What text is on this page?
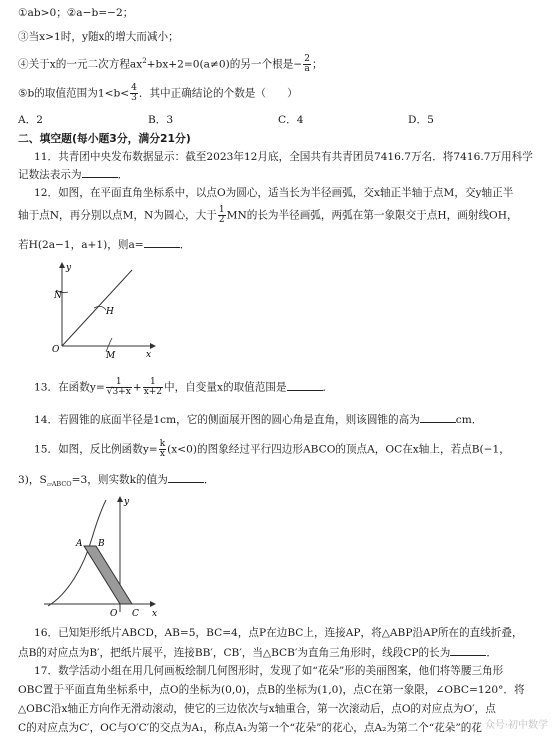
①ab>0；②a−b=−2；
③当x>1时，y随x的增大而减小；
④关于x的一元二次方程$ax^2+bx+2=0(a\ne 0)$的另一个根是− $\frac{2}{a}$ ；
⑤b的取值范围为$1<b< \frac{4}{3}$ ．其中正确结论的个数是（　　）
A．2	B．3	C．4	D．5
二、填空题(每小题3分，满分21分)
11．共青团中央发布数据显示：截至2023年12月底，全国共有共青团员7416.7万名．将7416.7万用科学
记数法表示为	．
12．如图，在平面直角坐标系中，以点O为圆心，适当长为半径画弧，交x轴正半轴于点M，交y轴正半
轴于点N，再分别以点M，N为圆心，大于 $\frac{1}{2}$ MN的长为半径画弧，两弧在第一象限交于点H，画射线OH，
若H(2a−1，a+1)，则a=	．
N
H
O
M	x
y
13．在函数$y= \frac{1}{√3+x} + \frac{1}{x+2}$ 中，自变量x的取值范围是	．
14．若圆锥的底面半径是1cm，它的侧面展开图的圆心角是直角，则该圆锥的高为	cm．
15．如图，反比例函数$y= \frac{k}{x} (x<0)$的图象经过平行四边形ABCO的顶点A，OC在x轴上，若点B(−1，
3)，$S_{▱ABCO}=3$，则实数k的值为	．
A B
O C x
y
16．已知矩形纸片ABCD，AB=5，BC=4，点P在边BC上，连接AP，将△ABP沿AP所在的直线折叠，
点B的对应点为B′，把纸片展平，连接BB′，CB′，当△BCB′为直角三角形时，线段CP的长为	．
17．数学活动小组在用几何画板绘制几何图形时，发现了如“花朵”形的美丽图案，他们将等腰三角形
OBC置于平面直角坐标系中，点O的坐标为(0,0)，点B的坐标为(1,0)，点C在第一象限，∠OBC=120°．将
△OBC沿x轴正方向作无滑动滚动，使它的三边依次与x轴重合，第一次滚动后，点O的对应点为O′，点
C的对应点为C′，OC与O′C′的交点为A₁，称点A₁为第一个“花朵”的花心，点A₂为第二个“花朵”的花 众号·初中数学
